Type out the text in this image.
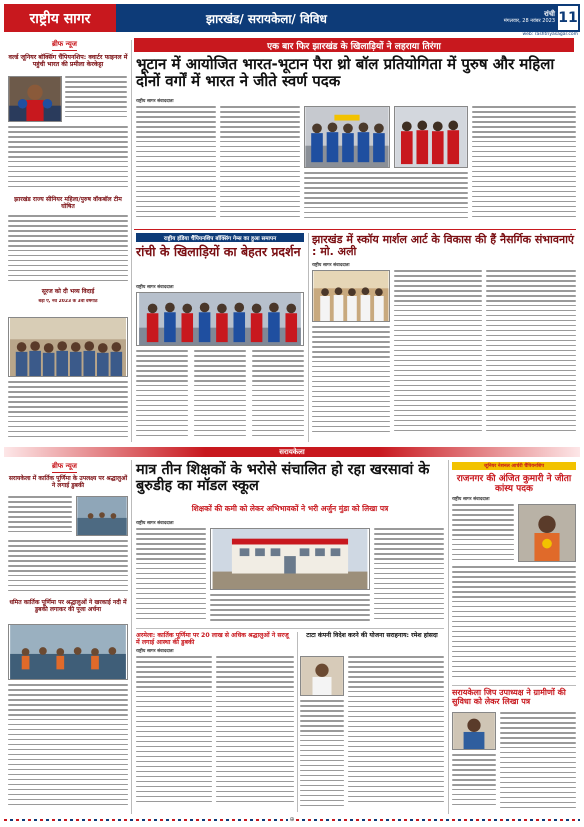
राष्ट्रीय सागर	झारखंड/ सरायकेला/ विविध	रांची
मंगलवार, 28 नवंबर 2023 11
web: rashtriyasagar.com
ब्रीफ न्यूज
वर्ल्ड जूनियर बॉक्सिंग चैंपियनशिप: क्वार्टर फाइनल में पहुंची भारत की प्रमीला केरकेट्टा
झारखंड राज्य सीनियर महिला/पुरुष वॉकबॉल टीम घोषित
सूरज को दी भव्य विदाई
बड़ा ऐ, नव 2023 के 3वीं वर्षगांठ
एक बार फिर झारखंड के खिलाड़ियों ने लहराया तिरंगा
भूटान में आयोजित भारत-भूटान पैरा थ्रो बॉल प्रतियोगिता में पुरुष और महिला दोनों वर्गों में भारत ने जीते स्वर्ण पदक
राष्ट्रीय सागर संवाददाता
राष्ट्रीय इंडिया चैंपियनशिप बॉक्सिंग गेम्स का हुआ समापन
रांची के खिलाड़ियों का बेहतर प्रदर्शन
राष्ट्रीय सागर संवाददाता
झारखंड में स्कॉय मार्शल आर्ट के विकास की हैं नैसर्गिक संभावनाएं : मो. अली
राष्ट्रीय सागर संवाददाता
सरायकेला
ब्रीफ न्यूज
सरायकेला में कार्तिक पूर्णिमा के उपलक्ष्य पर श्रद्धालुओं ने लगाई डुबकी
धमित कार्तिक पूर्णिमा पर श्रद्धालुओं ने खरकाई नदी में डुबकी लगाकर की पूजा अर्चना
मात्र तीन शिक्षकों के भरोसे संचालित हो रहा खरसावां के बुरुडीह का मॉडल स्कूल
शिक्षकों की कमी को लेकर अभिभावकों ने भरी अर्जुन मुंडा को लिखा पत्र
राष्ट्रीय सागर संवाददाता
अरमेला: कार्तिक पूर्णिमा पर 20 लाख से अधिक श्रद्धालुओं ने सरजू में लगाई आस्था की डुबकी
राष्ट्रीय सागर संवाददाता
टाटा कंपनी विदेश करने की योजना सराहनाय: रमेश हांसदा
जूनियर नेशनल आर्चरी चैंपियनशिप
राजनगर की अंजित कुमारी ने जीता कांस्य पदक
राष्ट्रीय सागर संवाददाता
सरायकेला जिप उपाध्यक्ष ने ग्रामीणों की सुविधा को लेकर लिखा पत्र
⊕
